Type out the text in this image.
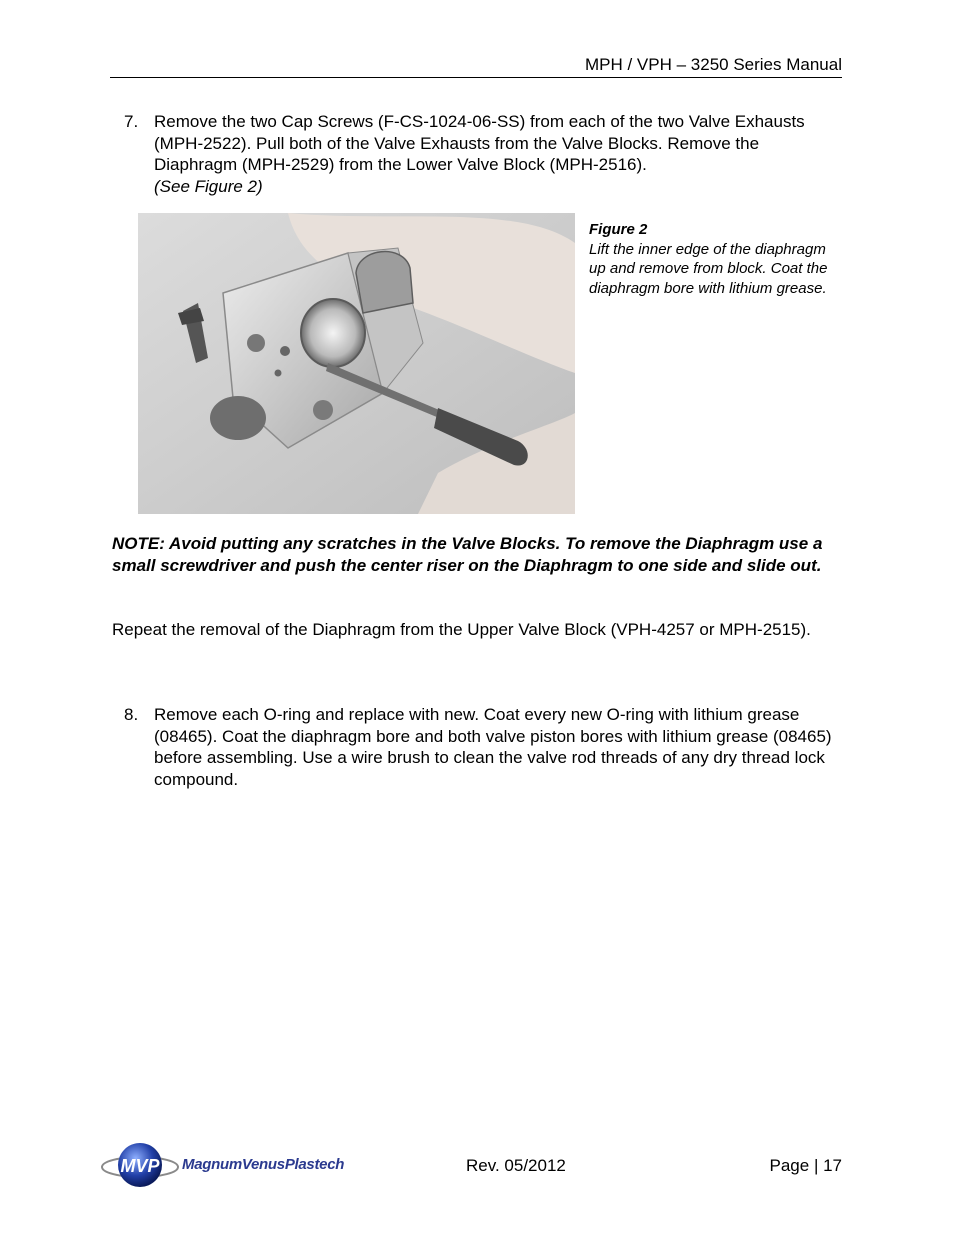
MPH / VPH – 3250 Series Manual
7. Remove the two Cap Screws (F-CS-1024-06-SS) from each of the two Valve Exhausts (MPH-2522). Pull both of the Valve Exhausts from the Valve Blocks. Remove the Diaphragm (MPH-2529) from the Lower Valve Block (MPH-2516).
(See Figure 2)
Figure 2
Lift the inner edge of the diaphragm up and remove from block. Coat the diaphragm bore with lithium grease.
NOTE: Avoid putting any scratches in the Valve Blocks. To remove the Diaphragm use a small screwdriver and push the center riser on the Diaphragm to one side and slide out.
Repeat the removal of the Diaphragm from the Upper Valve Block (VPH-4257 or MPH-2515).
8. Remove each O-ring and replace with new. Coat every new O-ring with lithium grease (08465). Coat the diaphragm bore and both valve piston bores with lithium grease (08465) before assembling. Use a wire brush to clean the valve rod threads of any dry thread lock compound.
MVP MagnumVenusPlastech	Rev. 05/2012	Page | 17
